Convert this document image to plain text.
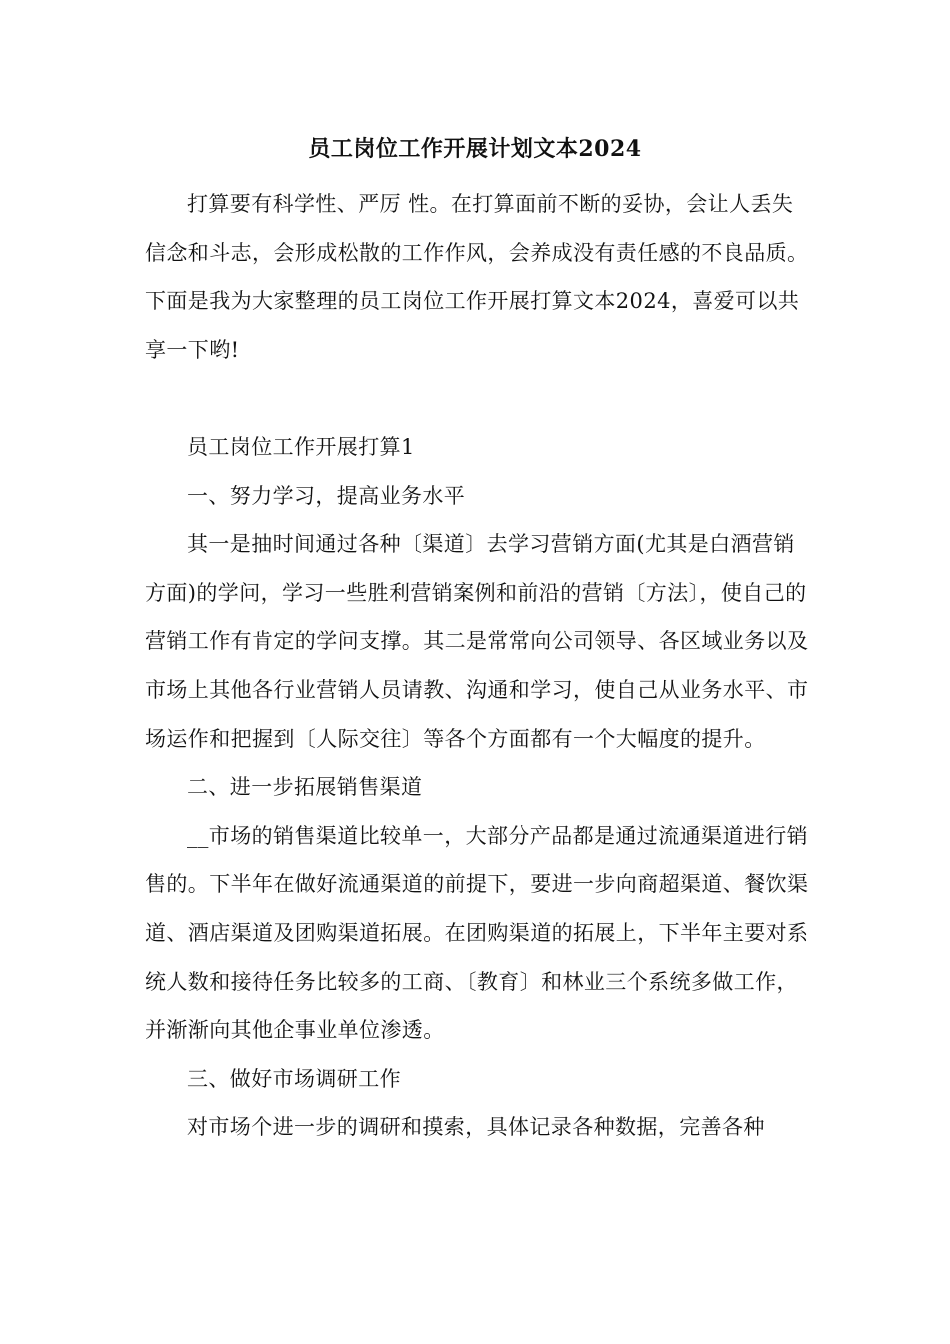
员工岗位工作开展计划文本2024

打算要有科学性、严厉 性。在打算面前不断的妥协，会让人丢失信念和斗志，会形成松散的工作作风，会养成没有责任感的不良品质。下面是我为大家整理的员工岗位工作开展打算文本2024，喜爱可以共享一下哟!

员工岗位工作开展打算1

一、努力学习，提高业务水平

其一是抽时间通过各种〔渠道〕去学习营销方面(尤其是白酒营销方面)的学问，学习一些胜利营销案例和前沿的营销〔方法〕，使自己的营销工作有肯定的学问支撑。其二是常常向公司领导、各区域业务以及市场上其他各行业营销人员请教、沟通和学习，使自己从业务水平、市场运作和把握到〔人际交往〕等各个方面都有一个大幅度的提升。

二、进一步拓展销售渠道

__市场的销售渠道比较单一，大部分产品都是通过流通渠道进行销售的。下半年在做好流通渠道的前提下，要进一步向商超渠道、餐饮渠道、酒店渠道及团购渠道拓展。在团购渠道的拓展上，下半年主要对系统人数和接待任务比较多的工商、〔教育〕和林业三个系统多做工作，并渐渐向其他企事业单位渗透。

三、做好市场调研工作

对市场个进一步的调研和摸索，具体记录各种数据，完善各种
